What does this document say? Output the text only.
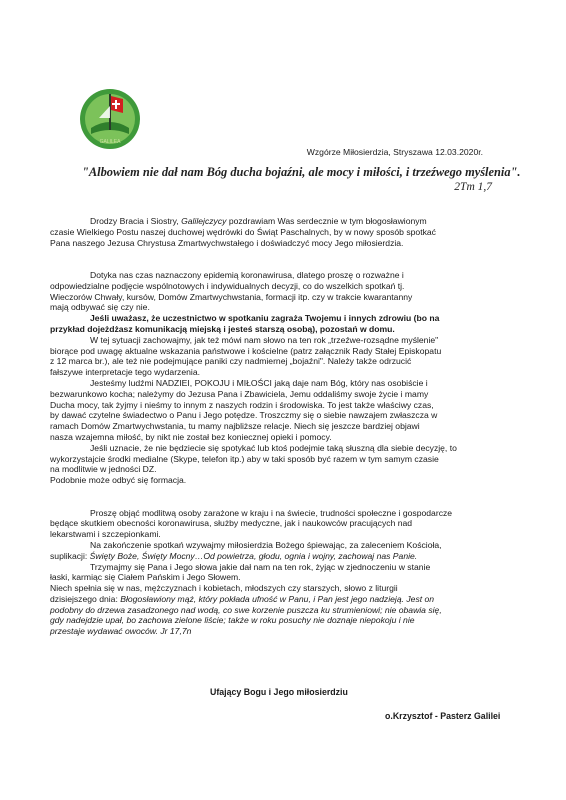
GALILEA
Wzgórze Miłosierdzia, Stryszawa 12.03.2020r.
"Albowiem nie dał nam Bóg ducha bojaźni, ale mocy i miłości, i trzeźwego myślenia".
2Tm 1,7

Drodzy Bracia i Siostry, Galilejczycy pozdrawiam Was serdecznie w tym błogosławionym

czasie Wielkiego Postu naszej duchowej wędrówki do Świąt Paschalnych, by w nowy sposób spotkać

Pana naszego Jezusa Chrystusa Zmartwychwstałego i doświadczyć mocy Jego miłosierdzia.

Dotyka nas czas naznaczony epidemią koronawirusa, dlatego proszę o rozważne i

odpowiedzialne podjęcie wspólnotowych i indywidualnych decyzji, co do wszelkich spotkań tj.

Wieczorów Chwały, kursów, Domów Zmartwychwstania, formacji itp. czy w trakcie kwarantanny

mają odbywać się czy nie.

Jeśli uważasz, że uczestnictwo w spotkaniu zagraża Twojemu i innych zdrowiu (bo na

przykład dojeżdżasz komunikacją miejską i jesteś starszą osobą), pozostań w domu.

W tej sytuacji zachowajmy, jak też mówi nam słowo na ten rok „trzeźwe-rozsądne myślenie"

biorące pod uwagę aktualne wskazania państwowe i kościelne (patrz załącznik Rady Stałej Episkopatu

z 12 marca br.), ale też nie podejmujące paniki czy nadmiernej „bojaźni". Należy także odrzucić

fałszywe interpretacje tego wydarzenia.

Jesteśmy ludźmi NADZIEI, POKOJU i MIŁOŚCI jaką daje nam Bóg, który nas osobiście i

bezwarunkowo kocha; należymy do Jezusa Pana i Zbawiciela, Jemu oddaliśmy swoje życie i mamy

Ducha mocy, tak żyjmy i nieśmy to innym z naszych rodzin i środowiska. To jest także właściwy czas,

by dawać czytelne świadectwo o Panu i Jego potędze. Troszczmy się o siebie nawzajem zwłaszcza w

ramach Domów Zmartwychwstania, tu mamy najbliższe relacje. Niech się jeszcze bardziej objawi

nasza wzajemna miłość, by nikt nie został bez koniecznej opieki i pomocy.

Jeśli uznacie, że nie będziecie się spotykać lub ktoś podejmie taką słuszną dla siebie decyzję, to

wykorzystajcie środki medialne (Skype, telefon itp.) aby w taki sposób być razem w tym samym czasie

na modlitwie w jedności DZ.

Podobnie może odbyć się formacja.

Proszę objąć modlitwą osoby zarażone w kraju i na świecie, trudności społeczne i gospodarcze

będące skutkiem obecności koronawirusa, służby medyczne, jak i naukowców pracujących nad

lekarstwami i szczepionkami.

Na zakończenie spotkań wzywajmy miłosierdzia Bożego śpiewając, za zaleceniem Kościoła,

suplikacji: Święty Boże, Święty Mocny…Od powietrza, głodu, ognia i wojny, zachowaj nas Panie.

Trzymajmy się Pana i Jego słowa jakie dał nam na ten rok, żyjąc w zjednoczeniu w stanie

łaski, karmiąc się Ciałem Pańskim i Jego Słowem.

Niech spełnia się w nas, mężczyznach i kobietach, młodszych czy starszych, słowo z liturgii

dzisiejszego dnia: Błogosławiony mąż, który pokłada ufność w Panu, i Pan jest jego nadzieją. Jest on

podobny do drzewa zasadzonego nad wodą, co swe korzenie puszcza ku strumieniowi; nie obawia się,

gdy nadejdzie upał, bo zachowa zielone liście; także w roku posuchy nie doznaje niepokoju i nie

przestaje wydawać owoców. Jr 17,7n

Ufający Bogu i Jego miłosierdziu
o.Krzysztof - Pasterz Galilei
